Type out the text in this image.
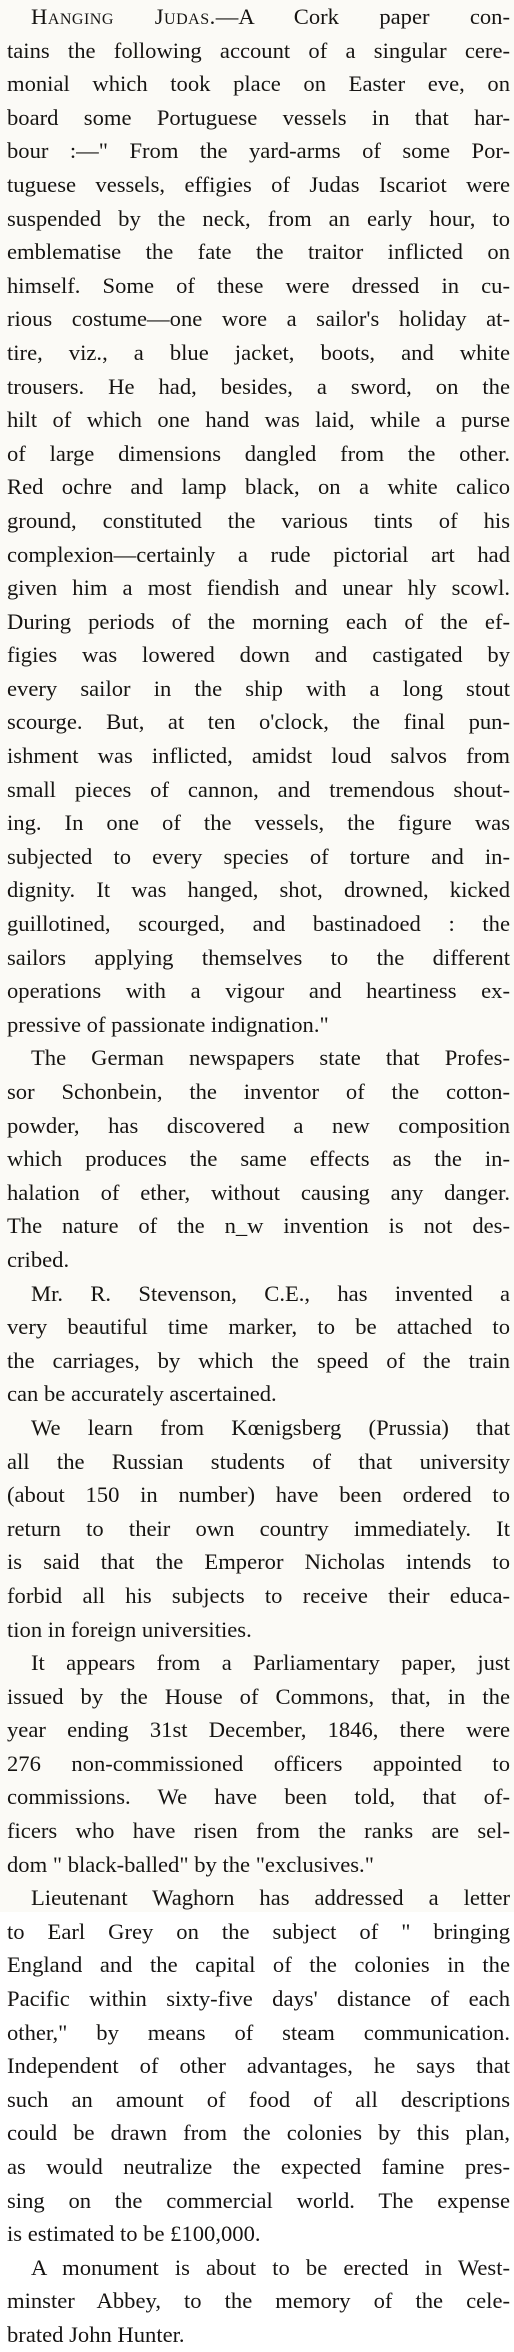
Hanging Judas.—A Cork paper con-
tains the following account of a singular cere-
monial which took place on Easter eve, on
board some Portuguese vessels in that har-
bour :—" From the yard-arms of some Por-
tuguese vessels, effigies of Judas Iscariot were
suspended by the neck, from an early hour, to
emblematise the fate the traitor inflicted on
himself. Some of these were dressed in cu-
rious costume—one wore a sailor's holiday at-
tire, viz., a blue jacket, boots, and white
trousers. He had, besides, a sword, on the
hilt of which one hand was laid, while a purse
of large dimensions dangled from the other.
Red ochre and lamp black, on a white calico
ground, constituted the various tints of his
complexion—certainly a rude pictorial art had
given him a most fiendish and unear hly scowl.
During periods of the morning each of the ef-
figies was lowered down and castigated by
every sailor in the ship with a long stout
scourge. But, at ten o'clock, the final pun-
ishment was inflicted, amidst loud salvos from
small pieces of cannon, and tremendous shout-
ing. In one of the vessels, the figure was
subjected to every species of torture and in-
dignity. It was hanged, shot, drowned, kicked
guillotined, scourged, and bastinadoed : the
sailors applying themselves to the different
operations with a vigour and heartiness ex-
pressive of passionate indignation."

The German newspapers state that Profes-
sor Schonbein, the inventor of the cotton-
powder, has discovered a new composition
which produces the same effects as the in-
halation of ether, without causing any danger.
The nature of the n_w invention is not des-
cribed.

Mr. R. Stevenson, C.E., has invented a
very beautiful time marker, to be attached to
the carriages, by which the speed of the train
can be accurately ascertained.

We learn from Kœnigsberg (Prussia) that
all the Russian students of that university
(about 150 in number) have been ordered to
return to their own country immediately. It
is said that the Emperor Nicholas intends to
forbid all his subjects to receive their educa-
tion in foreign universities.

It appears from a Parliamentary paper, just
issued by the House of Commons, that, in the
year ending 31st December, 1846, there were
276 non-commissioned officers appointed to
commissions. We have been told, that of-
ficers who have risen from the ranks are sel-
dom " black-balled" by the "exclusives."

Lieutenant Waghorn has addressed a letter
to Earl Grey on the subject of " bringing
England and the capital of the colonies in the
Pacific within sixty-five days' distance of each
other," by means of steam communication.
Independent of other advantages, he says that
such an amount of food of all descriptions
could be drawn from the colonies by this plan,
as would neutralize the expected famine pres-
sing on the commercial world. The expense
is estimated to be £100,000.

A monument is about to be erected in West-
minster Abbey, to the memory of the cele-
brated John Hunter.
